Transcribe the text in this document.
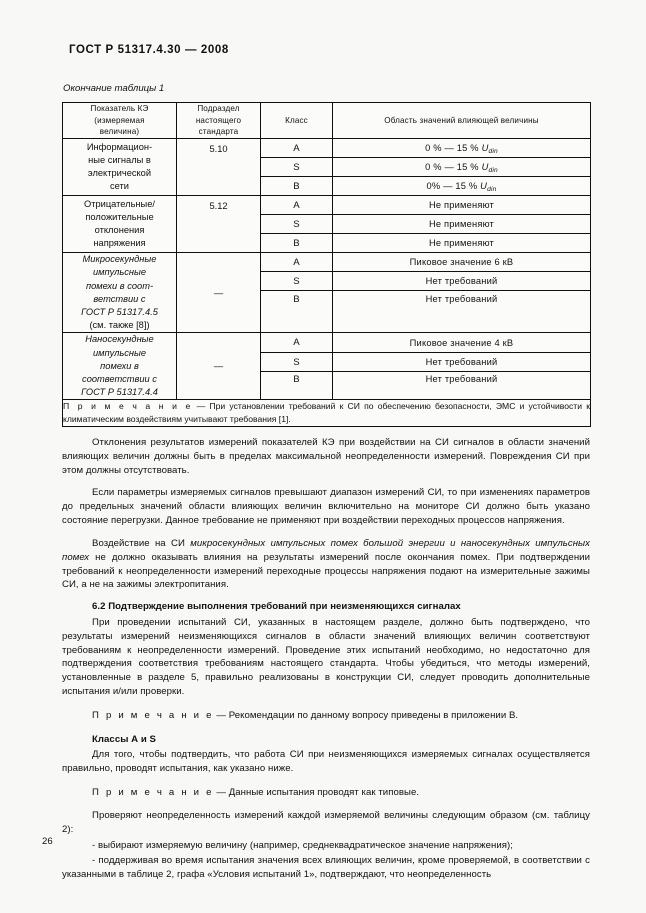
ГОСТ Р 51317.4.30 — 2008
Окончание таблицы 1
Показатель КЭ
(измеряемая
величина)	Подраздел
настоящего
стандарта	Класс	Область значений влияющей величины
Информацион-
ные сигналы в
электрической
сети	5.10	A	0 % — 15 % $U_{din}$
		S	0 % — 15 % $U_{din}$
		B	0% — 15 % $U_{din}$
Отрицательные/
положительные
отклонения
напряжения	5.12	A	Не применяют
		S	Не применяют
		B	Не применяют
Микросекундные
импульсные
помехи в соот-
ветствии с
ГОСТ Р 51317.4.5
(см. также [8])	—	A	Пиковое значение 6 кВ
		S	Нет требований
		B	Нет требований
Наносекундные
импульсные
помехи в
соответствии с
ГОСТ Р 51317.4.4	—	A	Пиковое значение 4 кВ
		S	Нет требований
		B	Нет требований
П р и м е ч а н и е — При установлении требований к СИ по обеспечению безопасности, ЭМС и устойчивости к климатическим воздействиям учитывают требования [1].			

Отклонения результатов измерений показателей КЭ при воздействии на СИ сигналов в области значений влияющих величин должны быть в пределах максимальной неопределенности измерений. Повреждения СИ при этом должны отсутствовать.

Если параметры измеряемых сигналов превышают диапазон измерений СИ, то при изменениях параметров до предельных значений области влияющих величин включительно на мониторе СИ должно быть указано состояние перегрузки. Данное требование не применяют при воздействии переходных процессов напряжения.

Воздействие на СИ микросекундных импульсных помех большой энергии и наносекундных импульсных помех не должно оказывать влияния на результаты измерений после окончания помех. При подтверждении требований к неопределенности измерений переходные процессы напряжения подают на измерительные зажимы СИ, а не на зажимы электропитания.

6.2 Подтверждение выполнения требований при неизменяющихся сигналах

При проведении испытаний СИ, указанных в настоящем разделе, должно быть подтверждено, что результаты измерений неизменяющихся сигналов в области значений влияющих величин соответствуют требованиям к неопределенности измерений. Проведение этих испытаний необходимо, но недостаточно для подтверждения соответствия требованиям настоящего стандарта. Чтобы убедиться, что методы измерений, установленные в разделе 5, правильно реализованы в конструкции СИ, следует проводить дополнительные испытания и/или проверки.

П р и м е ч а н и е — Рекомендации по данному вопросу приведены в приложении В.

Классы А и S

Для того, чтобы подтвердить, что работа СИ при неизменяющихся измеряемых сигналах осуществляется правильно, проводят испытания, как указано ниже.

П р и м е ч а н и е — Данные испытания проводят как типовые.

Проверяют неопределенность измерений каждой измеряемой величины следующим образом (см. таблицу 2):

- выбирают измеряемую величину (например, среднеквадратическое значение напряжения);

- поддерживая во время испытания значения всех влияющих величин, кроме проверяемой, в соответствии с указанными в таблице 2, графа «Условия испытаний 1», подтверждают, что неопределенность

26
